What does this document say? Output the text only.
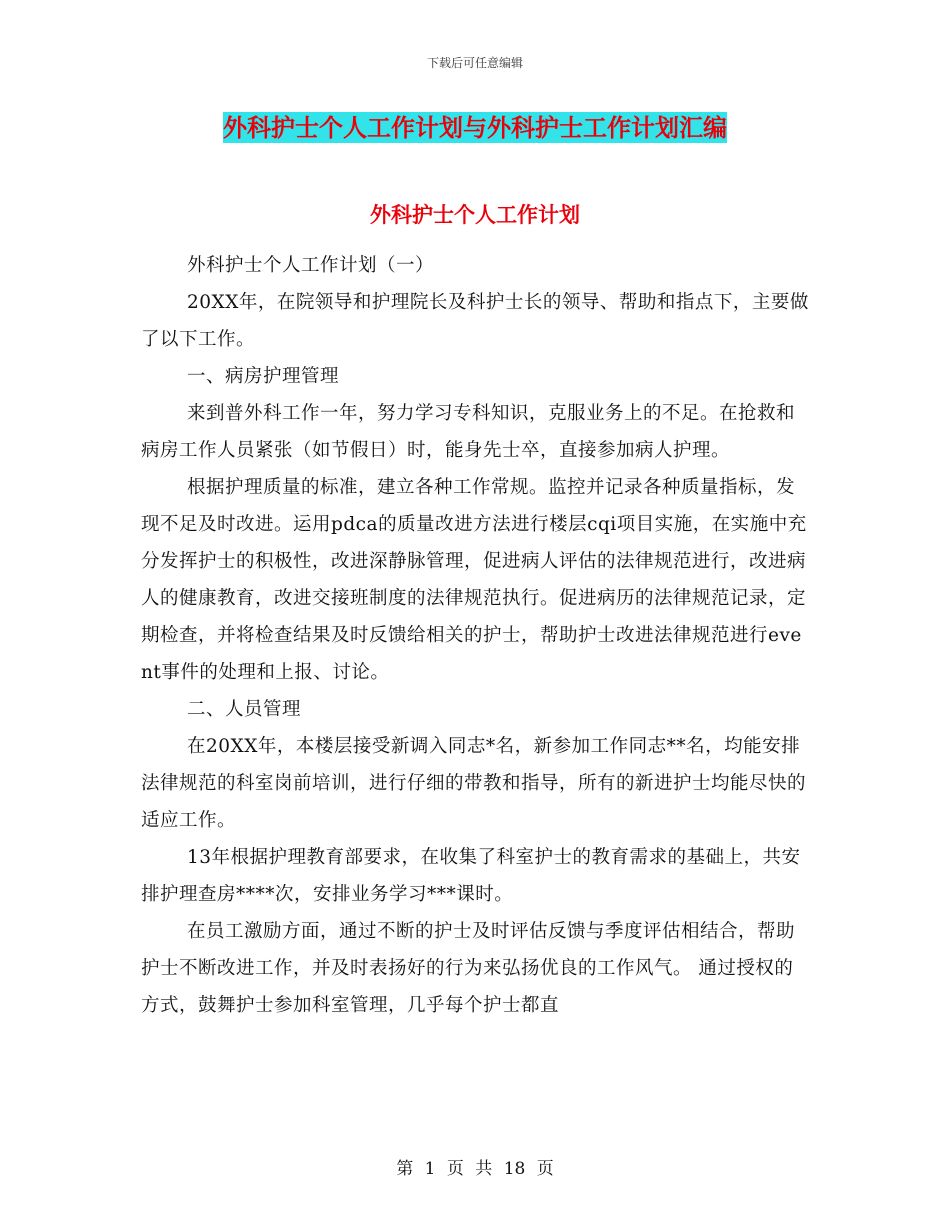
下载后可任意编辑
外科护士个人工作计划与外科护士工作计划汇编
外科护士个人工作计划

外科护士个人工作计划（一）

20XX年，在院领导和护理院长及科护士长的领导、帮助和指点下，主要做了以下工作。

一、病房护理管理

来到普外科工作一年，努力学习专科知识，克服业务上的不足。在抢救和病房工作人员紧张（如节假日）时，能身先士卒，直接参加病人护理。

根据护理质量的标准，建立各种工作常规。监控并记录各种质量指标，发现不足及时改进。运用pdca的质量改进方法进行楼层cqi项目实施，在实施中充分发挥护士的积极性，改进深静脉管理，促进病人评估的法律规范进行，改进病人的健康教育，改进交接班制度的法律规范执行。促进病历的法律规范记录，定期检查，并将检查结果及时反馈给相关的护士，帮助护士改进法律规范进行event事件的处理和上报、讨论。

二、人员管理

在20XX年，本楼层接受新调入同志*名，新参加工作同志**名，均能安排法律规范的科室岗前培训，进行仔细的带教和指导，所有的新进护士均能尽快的适应工作。

13年根据护理教育部要求，在收集了科室护士的教育需求的基础上，共安排护理查房****次，安排业务学习***课时。

在员工激励方面，通过不断的护士及时评估反馈与季度评估相结合，帮助护士不断改进工作，并及时表扬好的行为来弘扬优良的工作风气。 通过授权的方式，鼓舞护士参加科室管理，几乎每个护士都直

第 1 页 共 18 页
